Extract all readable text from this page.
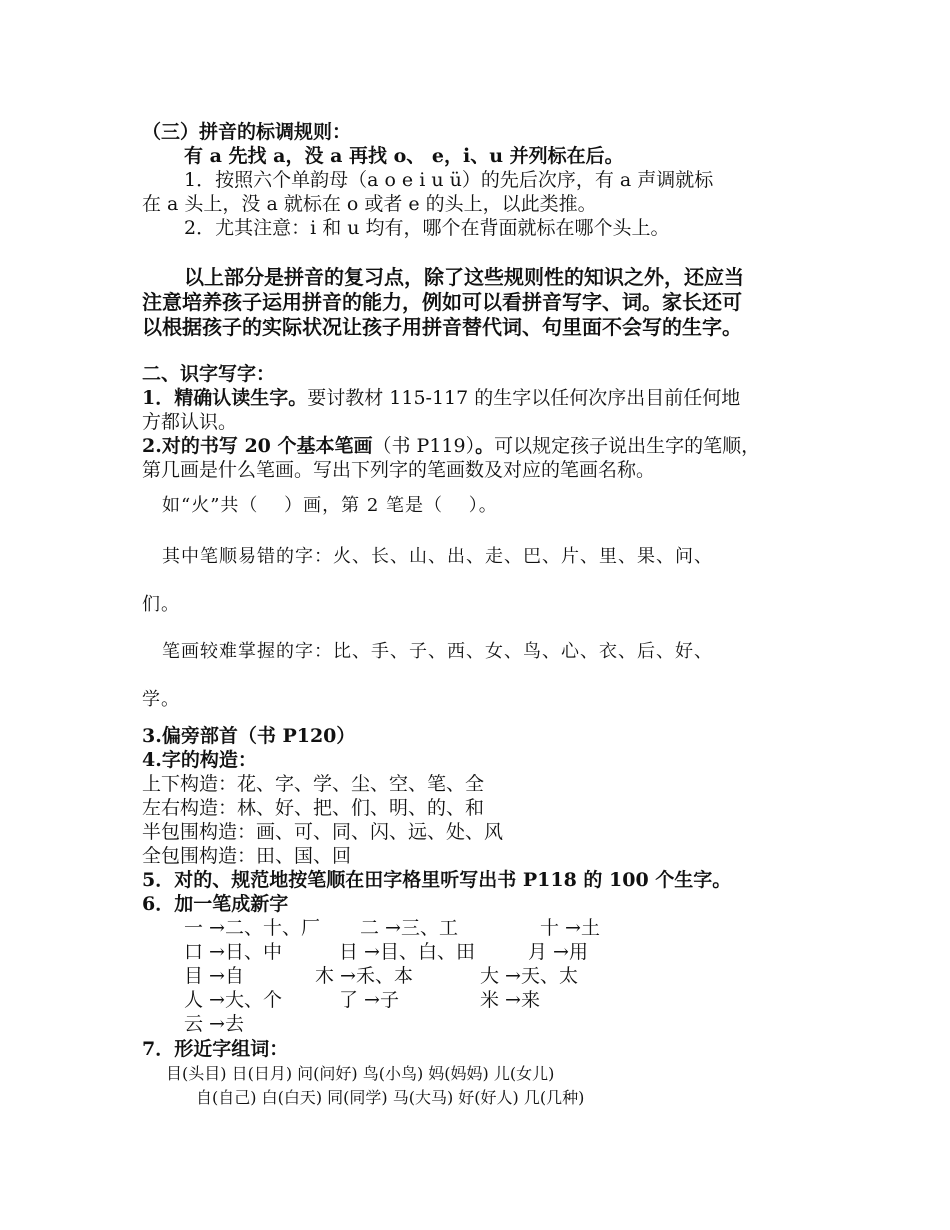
（三）拼音的标调规则：
有 a 先找 a，没 a 再找 o、 e，i、u 并列标在后。
1．按照六个单韵母（a o e i u ü）的先后次序，有 a 声调就标
在 a 头上，没 a 就标在 o 或者 e 的头上，以此类推。
2．尤其注意：i 和 u 均有，哪个在背面就标在哪个头上。
以上部分是拼音的复习点，除了这些规则性的知识之外，还应当
注意培养孩子运用拼音的能力，例如可以看拼音写字、词。家长还可
以根据孩子的实际状况让孩子用拼音替代词、句里面不会写的生字。
二、识字写字：
1．精确认读生字。要讨教材 115-117 的生字以任何次序出目前任何地
方都认识。
2.对的书写 20 个基本笔画（书 P119）。可以规定孩子说出生字的笔顺，
第几画是什么笔画。写出下列字的笔画数及对应的笔画名称。
如“火”共（　 ）画，第 2 笔是（　 ）。
其中笔顺易错的字：火、长、山、出、走、巴、片、里、果、问、
们。
笔画较难掌握的字：比、手、子、西、女、鸟、心、衣、后、好、
学。
3.偏旁部首（书 P120）
4.字的构造：
上下构造：花、字、学、尘、空、笔、全
左右构造：林、好、把、们、明、的、和
半包围构造：画、可、同、闪、远、处、风
全包围构造：田、国、回
5．对的、规范地按笔顺在田字格里听写出书 P118 的 100 个生字。
6．加一笔成新字
一 →二、十、厂 二 →三、工	十 →土
口 →日、中	日 →目、白、田	月 →用
目 →自	木 →禾、本	大 →天、太
人 →大、个	了 →子	米 →来
云 →去
7．形近字组词：
目(头目) 日(日月) 问(问好) 鸟(小鸟) 妈(妈妈) 儿(女儿)
自(自己) 白(白天) 同(同学) 马(大马) 好(好人) 几(几种)
